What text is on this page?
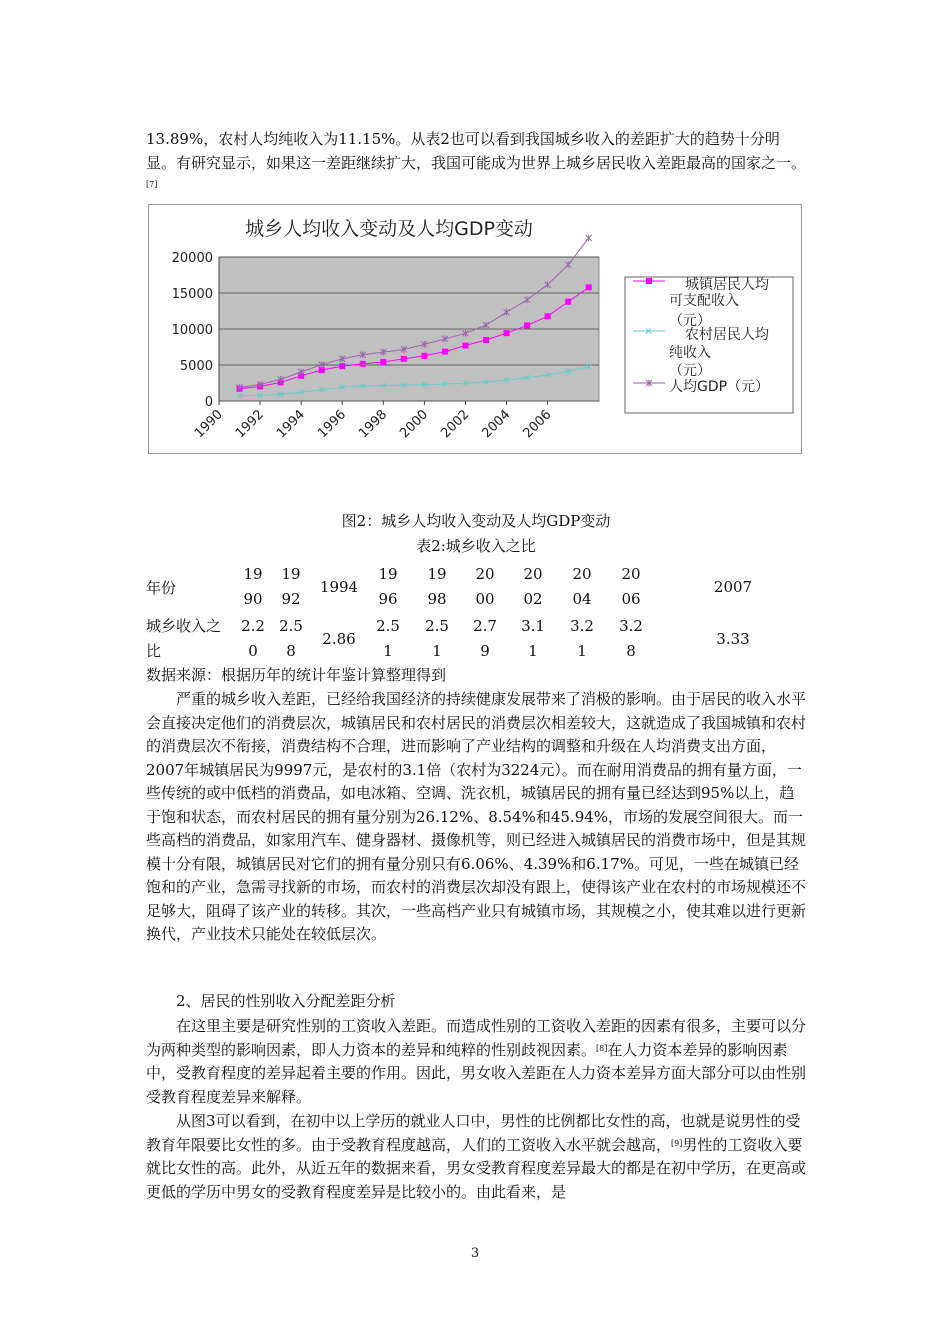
13.89%，农村人均纯收入为11.15%。从表2也可以看到我国城乡收入的差距扩大的趋势十分明显。有研究显示，如果这一差距继续扩大，我国可能成为世界上城乡居民收入差距最高的国家之一。[7]

城乡人均收入变动及人均GDP变动
0
5000
10000
15000
20000
1990 1992 1994 1996 1998 2000 2002 2004 2006
城镇居民人均
可支配收入
（元）
农村居民人均
纯收入
（元）
人均GDP（元）
图2：城乡人均收入变动及人均GDP变动
表2:城乡收入之比
年份	1990	1992	1994	1996	1998	2000	2002	2004	2006	2007
城乡收入之比	2.20	2.58	2.86	2.51	2.51	2.79	3.11	3.21	3.28	3.33

数据来源：根据历年的统计年鉴计算整理得到

严重的城乡收入差距，已经给我国经济的持续健康发展带来了消极的影响。由于居民的收入水平会直接决定他们的消费层次，城镇居民和农村居民的消费层次相差较大，这就造成了我国城镇和农村的消费层次不衔接，消费结构不合理，进而影响了产业结构的调整和升级在人均消费支出方面，2007年城镇居民为9997元，是农村的3.1倍（农村为3224元）。而在耐用消费品的拥有量方面，一些传统的或中低档的消费品，如电冰箱、空调、洗衣机，城镇居民的拥有量已经达到95%以上，趋于饱和状态，而农村居民的拥有量分别为26.12%、8.54%和45.94%，市场的发展空间很大。而一些高档的消费品，如家用汽车、健身器材、摄像机等，则已经进入城镇居民的消费市场中，但是其规模十分有限，城镇居民对它们的拥有量分别只有6.06%、4.39%和6.17%。可见，一些在城镇已经饱和的产业，急需寻找新的市场，而农村的消费层次却没有跟上，使得该产业在农村的市场规模还不足够大，阻碍了该产业的转移。其次，一些高档产业只有城镇市场，其规模之小，使其难以进行更新换代，产业技术只能处在较低层次。

2、居民的性别收入分配差距分析

在这里主要是研究性别的工资收入差距。而造成性别的工资收入差距的因素有很多，主要可以分为两种类型的影响因素，即人力资本的差异和纯粹的性别歧视因素。[8]在人力资本差异的影响因素中，受教育程度的差异起着主要的作用。因此，男女收入差距在人力资本差异方面大部分可以由性别受教育程度差异来解释。

从图3可以看到，在初中以上学历的就业人口中，男性的比例都比女性的高，也就是说男性的受教育年限要比女性的多。由于受教育程度越高，人们的工资收入水平就会越高，[9]男性的工资收入要就比女性的高。此外，从近五年的数据来看，男女受教育程度差异最大的都是在初中学历，在更高或更低的学历中男女的受教育程度差异是比较小的。由此看来，是

3
